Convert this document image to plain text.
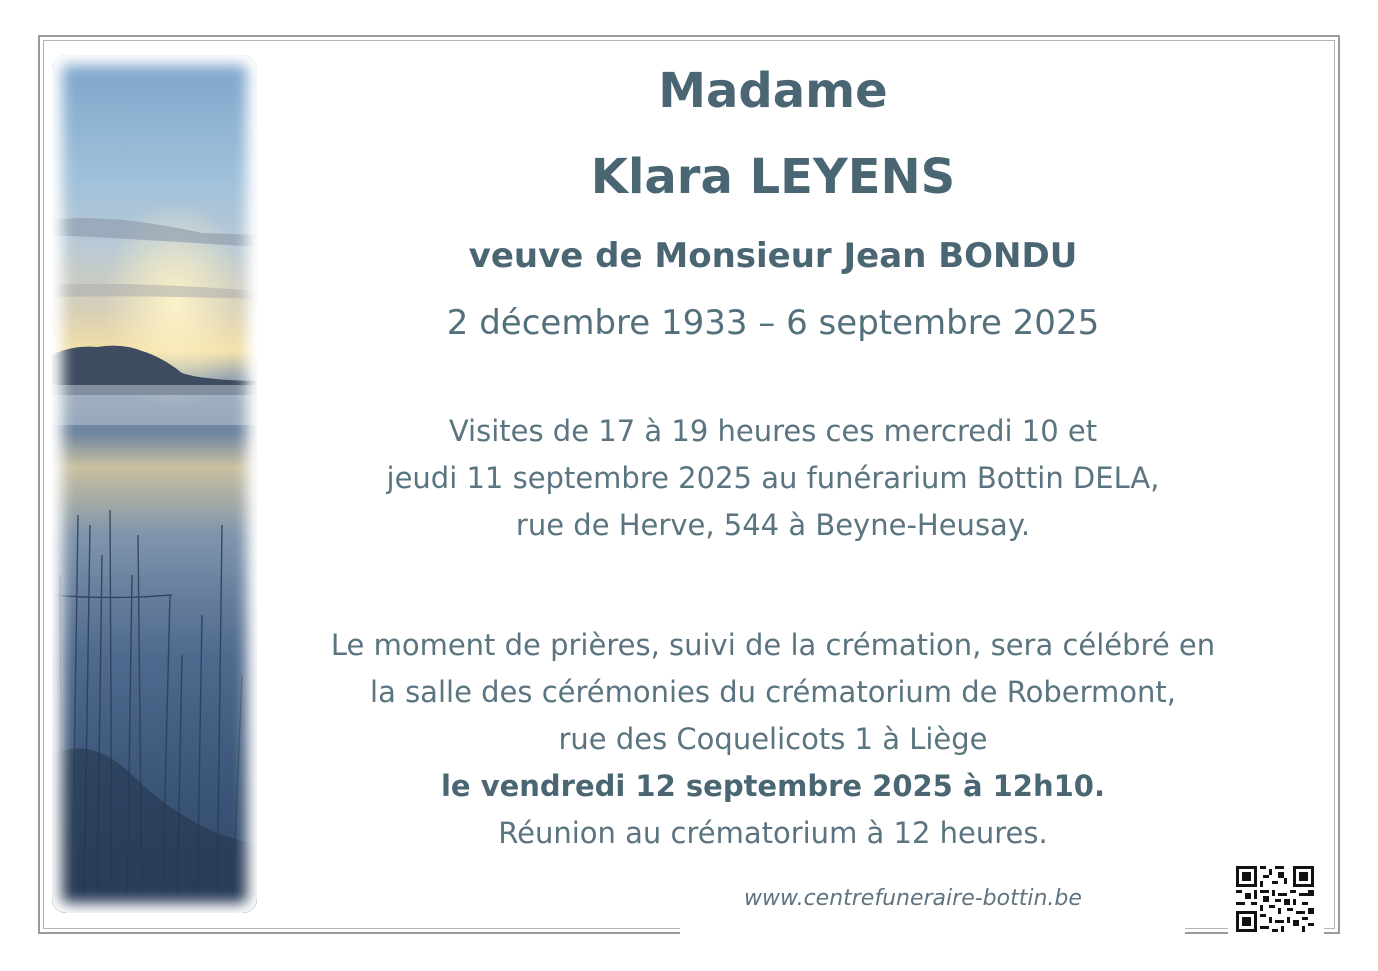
Madame
Klara LEYENS
veuve de Monsieur Jean BONDU
2 décembre 1933 – 6 septembre 2025
Visites de 17 à 19 heures ces mercredi 10 et
jeudi 11 septembre 2025 au funérarium Bottin DELA,
rue de Herve, 544 à Beyne-Heusay.
Le moment de prières, suivi de la crémation, sera célébré en
la salle des cérémonies du crématorium de Robermont,
rue des Coquelicots 1 à Liège
le vendredi 12 septembre 2025 à 12h10.
Réunion au crématorium à 12 heures.
www.centrefuneraire-bottin.be
